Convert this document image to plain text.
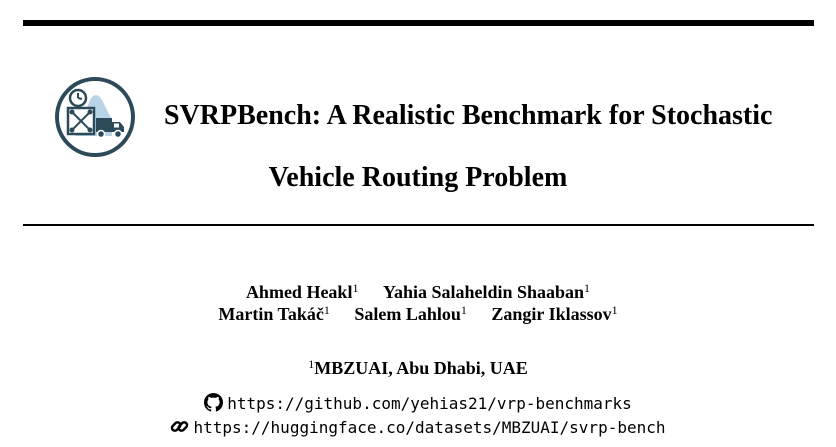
SVRPBench: A Realistic Benchmark for Stochastic
Vehicle Routing Problem
Ahmed Heakl$^1$ Yahia Salaheldin Shaaban$^1$
Martin Takáč$^1$ Salem Lahlou$^1$ Zangir Iklassov$^1$
$^1$MBZUAI, Abu Dhabi, UAE
https://github.com/yehias21/vrp-benchmarks
https://huggingface.co/datasets/MBZUAI/svrp-bench
